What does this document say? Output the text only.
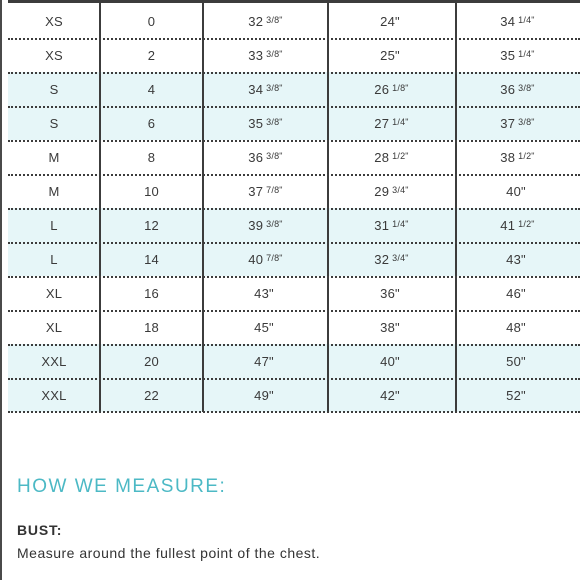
XS	0	32 3/8"	24"	34 1/4"
XS	2	33 3/8"	25"	35 1/4"
S	4	34 3/8"	26 1/8"	36 3/8"
S	6	35 3/8"	27 1/4"	37 3/8"
M	8	36 3/8"	28 1/2"	38 1/2"
M	10	37 7/8"	29 3/4"	40"
L	12	39 3/8"	31 1/4"	41 1/2"
L	14	40 7/8"	32 3/4"	43"
XL	16	43"	36"	46"
XL	18	45"	38"	48"
XXL	20	47"	40"	50"
XXL	22	49"	42"	52"
HOW WE MEASURE:
BUST:
Measure around the fullest point of the chest.
